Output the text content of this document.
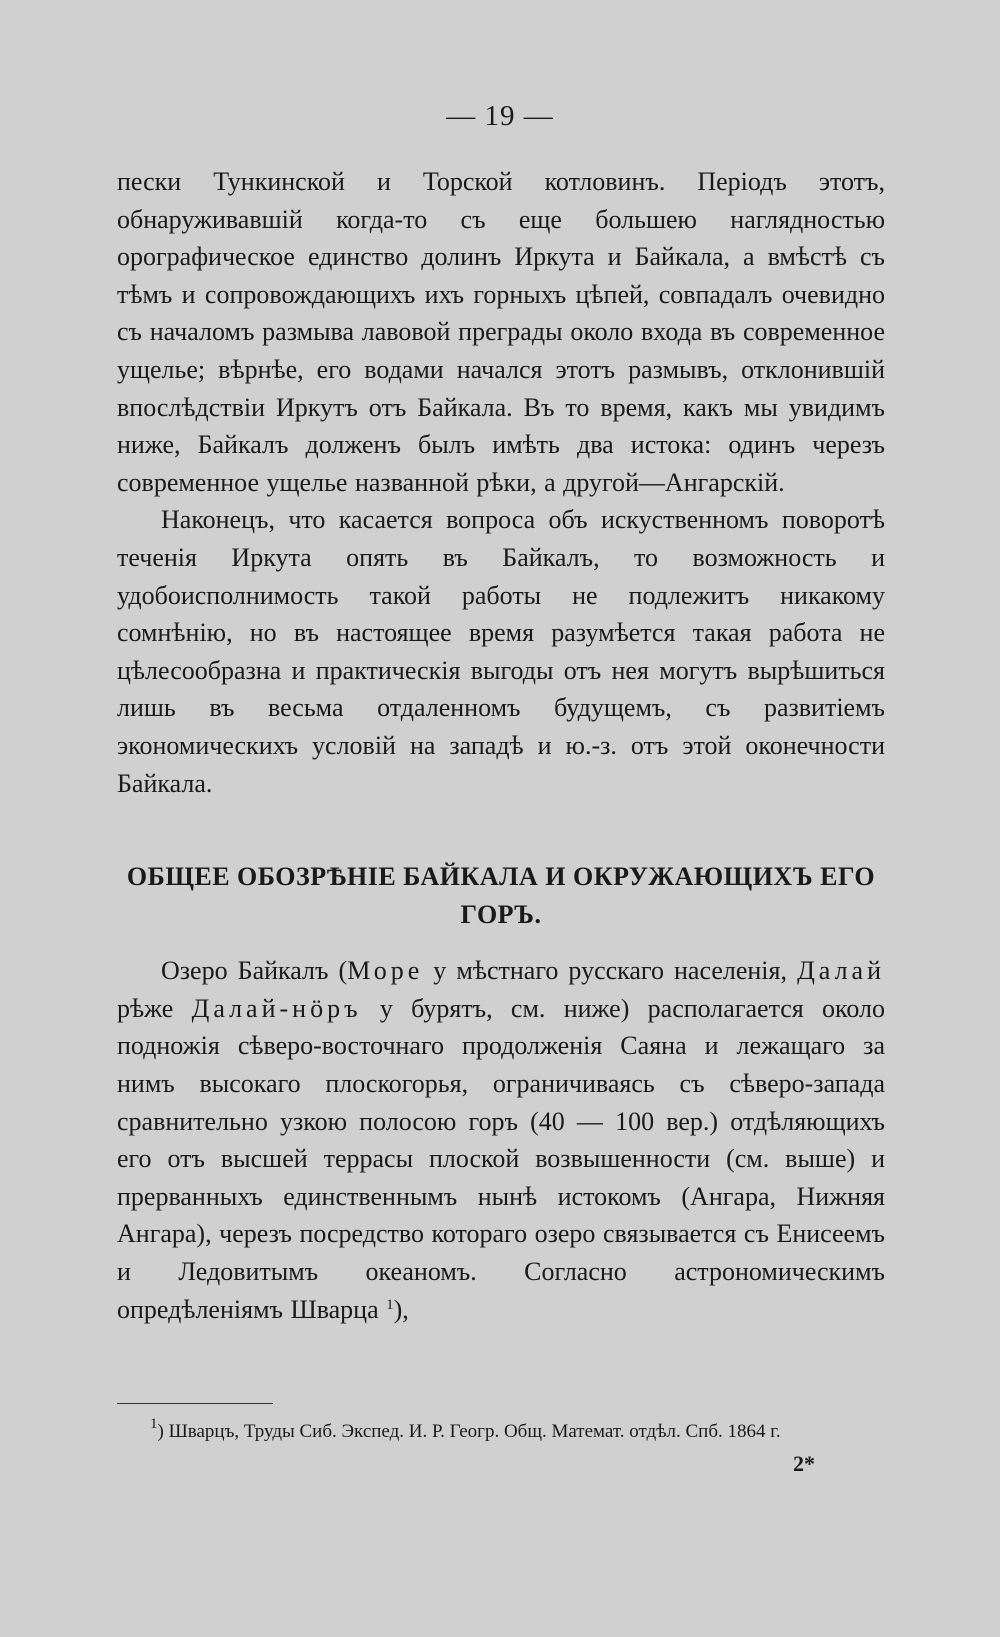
— 19 —

пески Тункинской и Торской котловинъ. Періодъ этотъ, обнаруживавшій когда-то съ еще большею наглядностью орографическое единство долинъ Иркута и Байкала, а вмѣстѣ съ тѣмъ и сопровождающихъ ихъ горныхъ цѣпей, совпадалъ очевидно съ началомъ размыва лавовой преграды около входа въ современное ущелье; вѣрнѣе, его водами начался этотъ размывъ, отклонившій впослѣдствіи Иркутъ отъ Байкала. Въ то время, какъ мы увидимъ ниже, Байкалъ долженъ былъ имѣть два истока: одинъ черезъ современное ущелье названной рѣки, а другой—Ангарскій.

Наконецъ, что касается вопроса объ искуственномъ поворотѣ теченія Иркута опять въ Байкалъ, то возможность и удобоисполнимость такой работы не подлежитъ никакому сомнѣнію, но въ настоящее время разумѣется такая работа не цѣлесообразна и практическія выгоды отъ нея могутъ вырѣшиться лишь въ весьма отдаленномъ будущемъ, съ развитіемъ экономическихъ условій на западѣ и ю.-з. отъ этой оконечности Байкала.

ОБЩЕЕ ОБОЗРѢНІЕ БАЙКАЛА И ОКРУЖАЮЩИХЪ ЕГО ГОРЪ.

Озеро Байкалъ (Море у мѣстнаго русскаго населенія, Далай рѣже Далай-нӧръ у бурятъ, см. ниже) располагается около подножія сѣверо-восточнаго продолженія Саяна и лежащаго за нимъ высокаго плоскогорья, ограничиваясь съ сѣверо-запада сравнительно узкою полосою горъ (40 — 100 вер.) отдѣляющихъ его отъ высшей террасы плоской возвышенности (см. выше) и прерванныхъ единственнымъ нынѣ истокомъ (Ангара, Нижняя Ангара), черезъ посредство котораго озеро связывается съ Енисеемъ и Ледовитымъ океаномъ. Согласно астрономическимъ опредѣленіямъ Шварца $^1$),

$^1$) Шварцъ, Труды Сиб. Экспед. И. Р. Геогр. Общ. Математ. отдѣл. Спб. 1864 г.
2*
